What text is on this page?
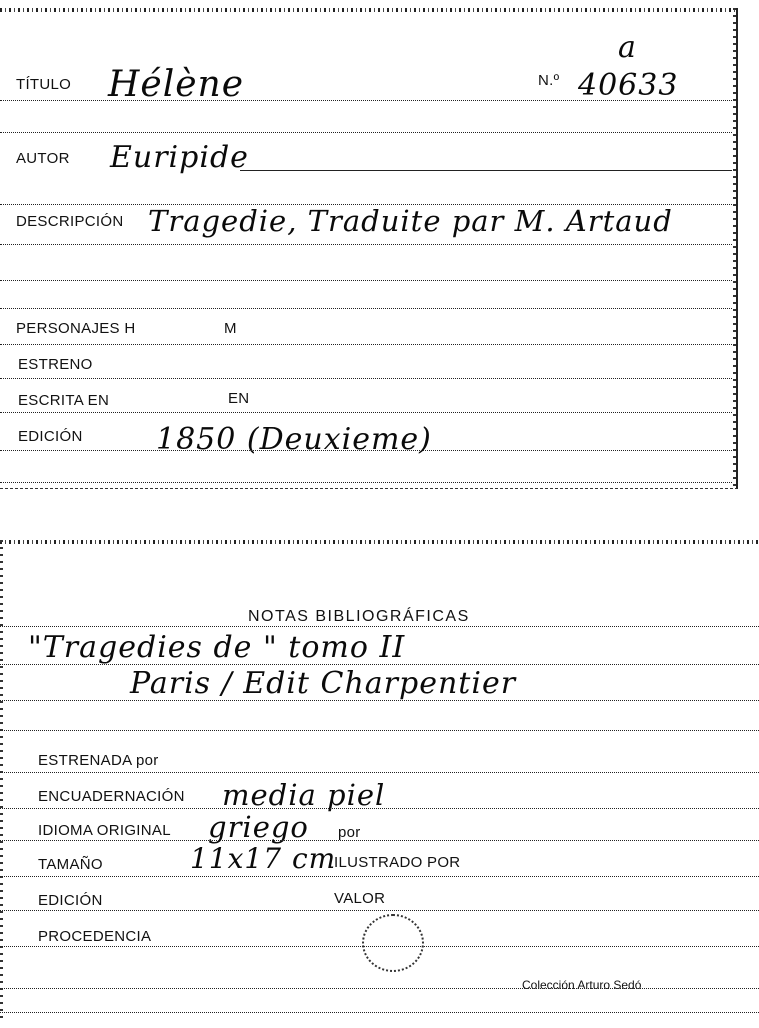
TÍTULO Hélène	N.º 40633
a
AUTOR Euripide
DESCRIPCIÓN Tragedie, Traduite par M. Artaud
PERSONAJES H	M
ESTRENO
ESCRITA EN	EN
EDICIÓN 1850 (Deuxieme)
NOTAS BIBLIOGRÁFICAS
"Tragedies de " tomo II
Paris / Edit Charpentier
ESTRENADA por
ENCUADERNACIÓN media piel
IDIOMA ORIGINAL griego por
TAMAÑO	11x17 cm
ILUSTRADO POR
EDICIÓN	VALOR
PROCEDENCIA
Colección Arturo Sedó
